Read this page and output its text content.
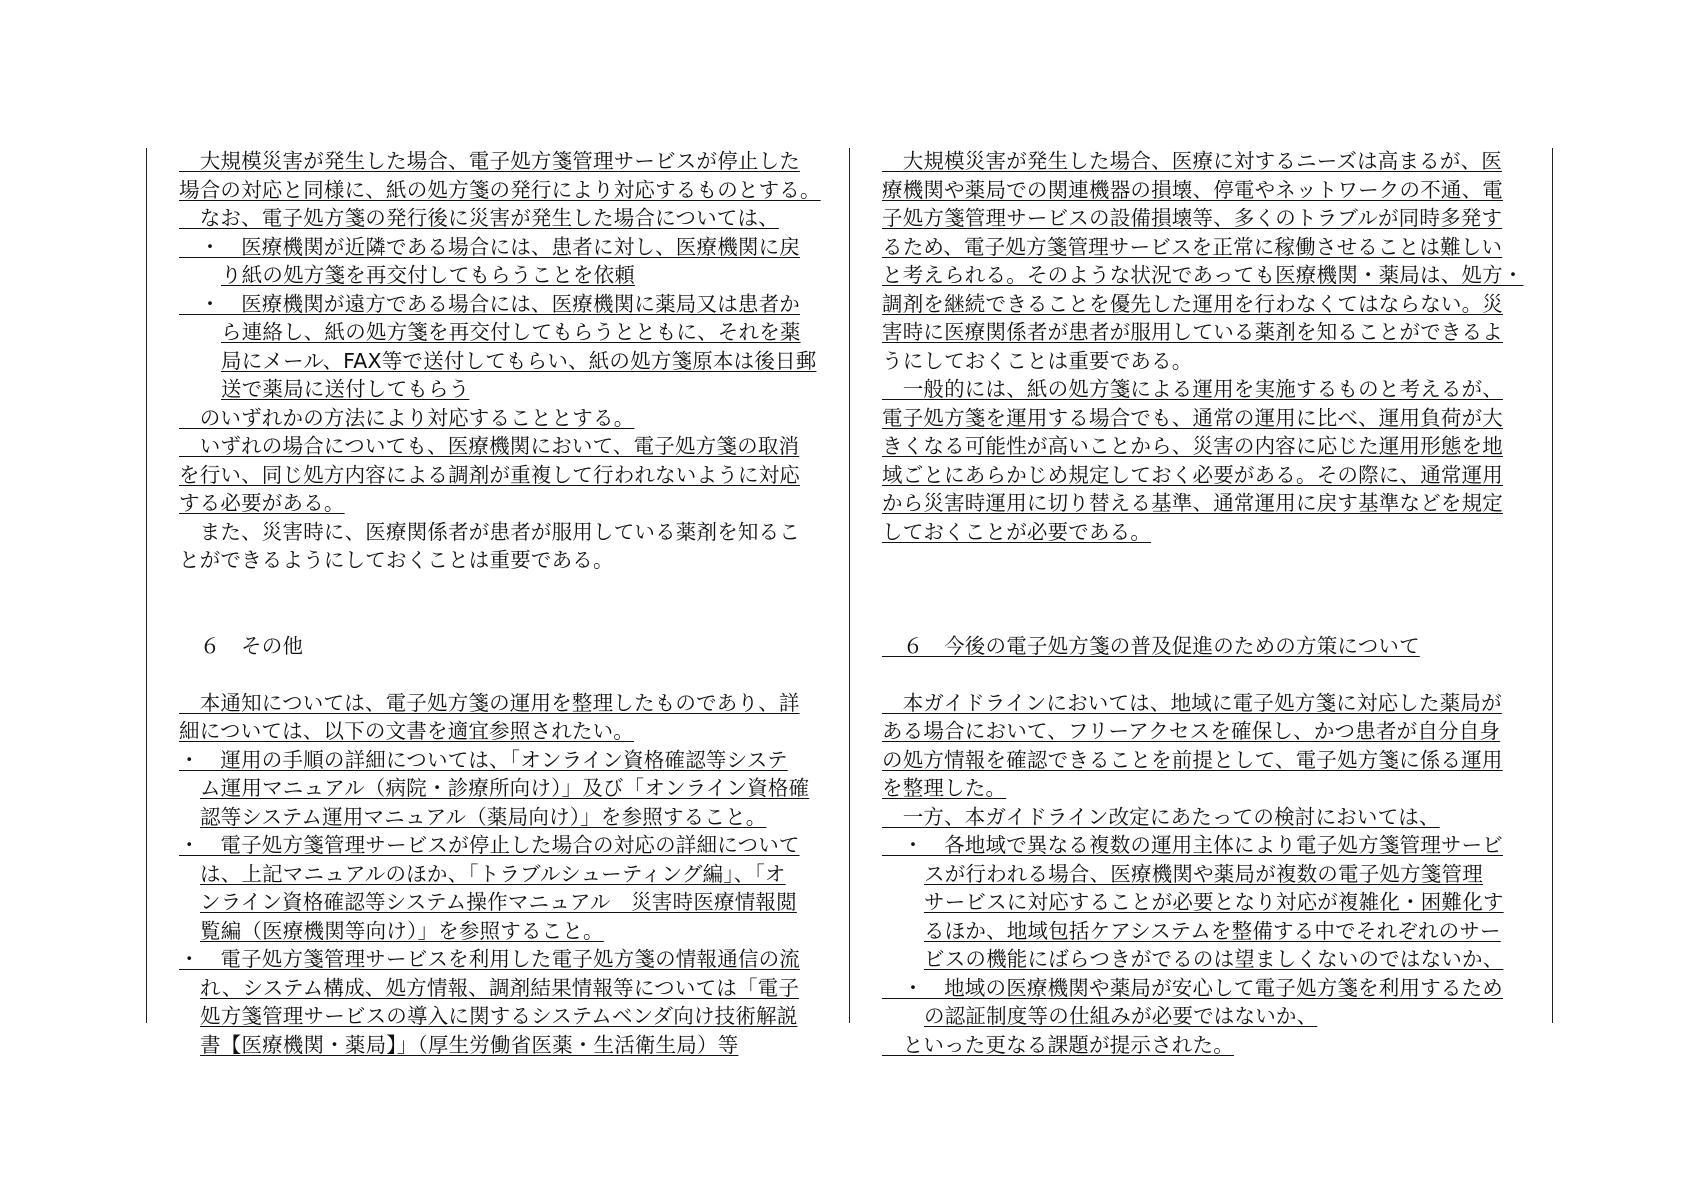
　大規模災害が発生した場合、電子処方箋管理サービスが停止した
場合の対応と同様に、紙の処方箋の発行により対応するものとする。
　なお、電子処方箋の発行後に災害が発生した場合については、
　・　医療機関が近隣である場合には、患者に対し、医療機関に戻
り紙の処方箋を再交付してもらうことを依頼
　・　医療機関が遠方である場合には、医療機関に薬局又は患者か
ら連絡し、紙の処方箋を再交付してもらうとともに、それを薬
局にメール、FAX等で送付してもらい、紙の処方箋原本は後日郵
送で薬局に送付してもらう
　のいずれかの方法により対応することとする。
　いずれの場合についても、医療機関において、電子処方箋の取消
を行い、同じ処方内容による調剤が重複して行われないように対応
する必要がある。
　また、災害時に、医療関係者が患者が服用している薬剤を知るこ
とができるようにしておくことは重要である。
　６　その他
　本通知については、電子処方箋の運用を整理したものであり、詳
細については、以下の文書を適宜参照されたい。
・　運用の手順の詳細については、「オンライン資格確認等システ
ム運用マニュアル（病院・診療所向け）」及び「オンライン資格確
認等システム運用マニュアル（薬局向け）」を参照すること。
・　電子処方箋管理サービスが停止した場合の対応の詳細について
は、上記マニュアルのほか、「トラブルシューティング編」、「オ
ンライン資格確認等システム操作マニュアル　災害時医療情報閲
覧編（医療機関等向け）」を参照すること。
・　電子処方箋管理サービスを利用した電子処方箋の情報通信の流
れ、システム構成、処方情報、調剤結果情報等については「電子
処方箋管理サービスの導入に関するシステムベンダ向け技術解説
書【医療機関・薬局】」（厚生労働省医薬・生活衛生局）等
　大規模災害が発生した場合、医療に対するニーズは高まるが、医
療機関や薬局での関連機器の損壊、停電やネットワークの不通、電
子処方箋管理サービスの設備損壊等、多くのトラブルが同時多発す
るため、電子処方箋管理サービスを正常に稼働させることは難しい
と考えられる。そのような状況であっても医療機関・薬局は、処方・
調剤を継続できることを優先した運用を行わなくてはならない。災
害時に医療関係者が患者が服用している薬剤を知ることができるよ
うにしておくことは重要である。
　一般的には、紙の処方箋による運用を実施するものと考えるが、
電子処方箋を運用する場合でも、通常の運用に比べ、運用負荷が大
きくなる可能性が高いことから、災害の内容に応じた運用形態を地
域ごとにあらかじめ規定しておく必要がある。その際に、通常運用
から災害時運用に切り替える基準、通常運用に戻す基準などを規定
しておくことが必要である。
　６　今後の電子処方箋の普及促進のための方策について
　本ガイドラインにおいては、地域に電子処方箋に対応した薬局が
ある場合において、フリーアクセスを確保し、かつ患者が自分自身
の処方情報を確認できることを前提として、電子処方箋に係る運用
を整理した。
　一方、本ガイドライン改定にあたっての検討においては、
　・　各地域で異なる複数の運用主体により電子処方箋管理サービ
スが行われる場合、医療機関や薬局が複数の電子処方箋管理
サービスに対応することが必要となり対応が複雑化・困難化す
るほか、地域包括ケアシステムを整備する中でそれぞれのサー
ビスの機能にばらつきがでるのは望ましくないのではないか、
　・　地域の医療機関や薬局が安心して電子処方箋を利用するため
の認証制度等の仕組みが必要ではないか、
　といった更なる課題が提示された。
